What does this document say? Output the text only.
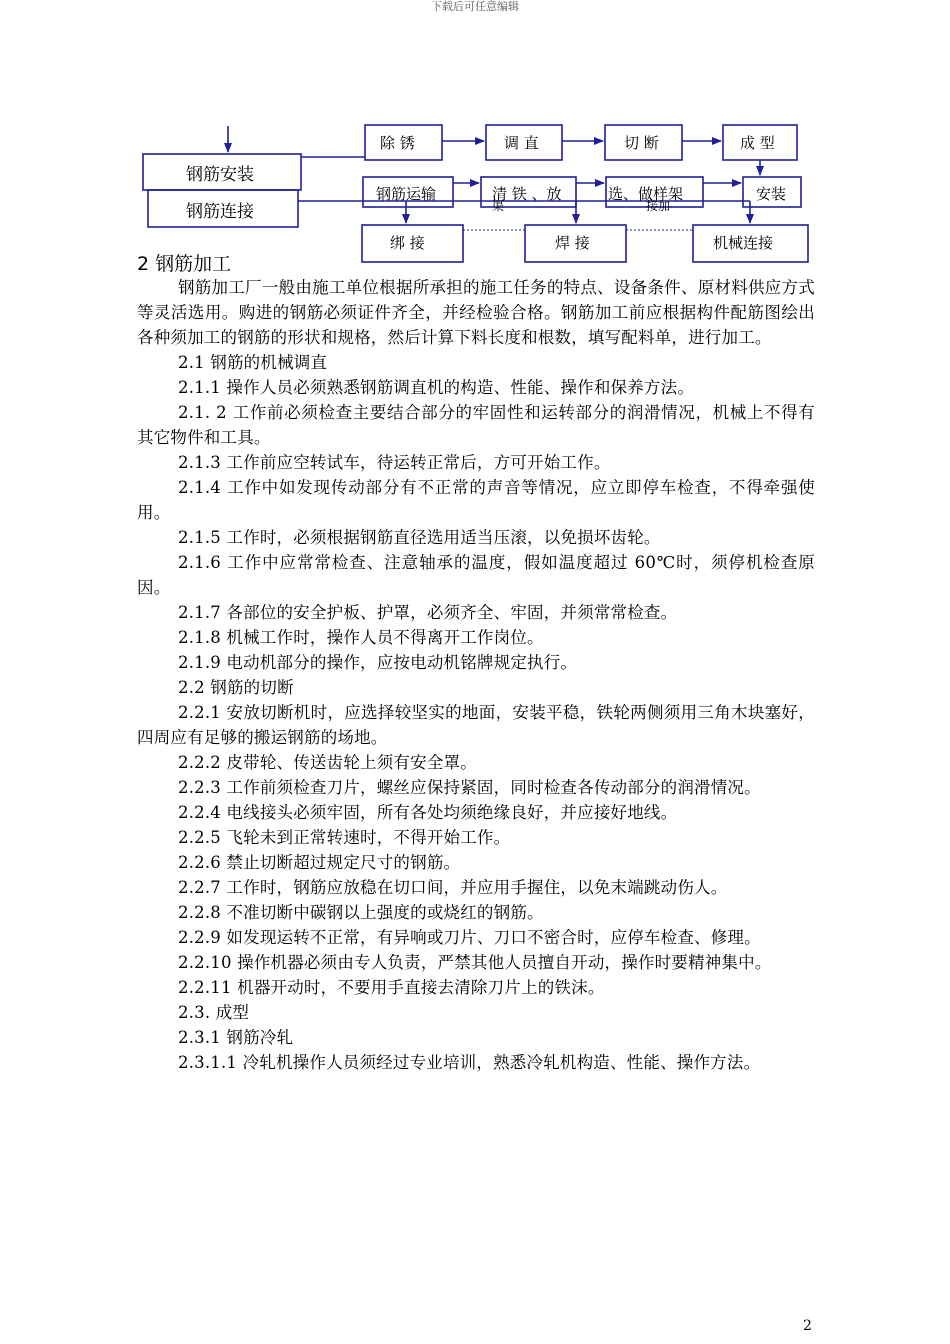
下载后可任意编辑
钢筋安装
钢筋连接
除 锈	调 直	切 断	成 型
钢筋运输	清 铁 、放	选、做样架	安装
渠	接加
绑 接	焊 接	机械连接
2 钢筋加工

钢筋加工厂一般由施工单位根据所承担的施工任务的特点、设备条件、原材料供应方式等灵活选用。购进的钢筋必须证件齐全，并经检验合格。钢筋加工前应根据构件配筋图绘出各种须加工的钢筋的形状和规格，然后计算下料长度和根数，填写配料单，进行加工。

2.1 钢筋的机械调直

2.1.1 操作人员必须熟悉钢筋调直机的构造、性能、操作和保养方法。

2.1. 2 工作前必须检查主要结合部分的牢固性和运转部分的润滑情况，机械上不得有其它物件和工具。

2.1.3 工作前应空转试车，待运转正常后，方可开始工作。

2.1.4 工作中如发现传动部分有不正常的声音等情况，应立即停车检查，不得牵强使用。

2.1.5 工作时，必须根据钢筋直径选用适当压滚，以免损坏齿轮。

2.1.6 工作中应常常检查、注意轴承的温度，假如温度超过 60℃时，须停机检查原因。

2.1.7 各部位的安全护板、护罩，必须齐全、牢固，并须常常检查。

2.1.8 机械工作时，操作人员不得离开工作岗位。

2.1.9 电动机部分的操作，应按电动机铭牌规定执行。

2.2 钢筋的切断

2.2.1 安放切断机时，应选择较坚实的地面，安装平稳，铁轮两侧须用三角木块塞好，四周应有足够的搬运钢筋的场地。

2.2.2 皮带轮、传送齿轮上须有安全罩。

2.2.3 工作前须检查刀片，螺丝应保持紧固，同时检查各传动部分的润滑情况。

2.2.4 电线接头必须牢固，所有各处均须绝缘良好，并应接好地线。

2.2.5 飞轮未到正常转速时，不得开始工作。

2.2.6 禁止切断超过规定尺寸的钢筋。

2.2.7 工作时，钢筋应放稳在切口间，并应用手握住，以免末端跳动伤人。

2.2.8 不准切断中碳钢以上强度的或烧红的钢筋。

2.2.9 如发现运转不正常，有异响或刀片、刀口不密合时，应停车检查、修理。

2.2.10 操作机器必须由专人负责，严禁其他人员擅自开动，操作时要精神集中。

2.2.11 机器开动时，不要用手直接去清除刀片上的铁沫。

2.3. 成型

2.3.1 钢筋冷轧

2.3.1.1 冷轧机操作人员须经过专业培训，熟悉冷轧机构造、性能、操作方法。

2
